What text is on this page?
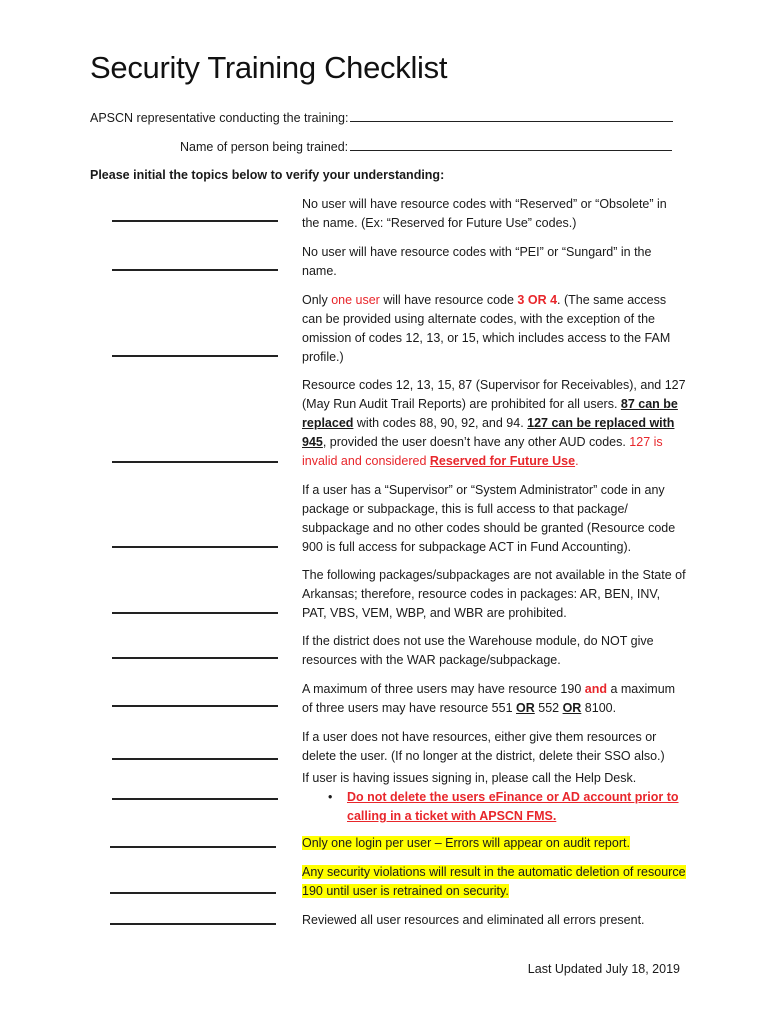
Security Training Checklist
APSCN representative conducting the training:
Name of person being trained:
Please initial the topics below to verify your understanding:
No user will have resource codes with “Reserved” or “Obsolete” in the name. (Ex: “Reserved for Future Use” codes.)
No user will have resource codes with “PEI” or “Sungard” in the name.
Only one user will have resource code 3 OR 4. (The same access can be provided using alternate codes, with the exception of the omission of codes 12, 13, or 15, which includes access to the FAM profile.)
Resource codes 12, 13, 15, 87 (Supervisor for Receivables), and 127 (May Run Audit Trail Reports) are prohibited for all users. 87 can be replaced with codes 88, 90, 92, and 94. 127 can be replaced with 945, provided the user doesn’t have any other AUD codes. 127 is invalid and considered Reserved for Future Use.
If a user has a “Supervisor” or “System Administrator” code in any package or subpackage, this is full access to that package/ subpackage and no other codes should be granted (Resource code 900 is full access for subpackage ACT in Fund Accounting).
The following packages/subpackages are not available in the State of Arkansas; therefore, resource codes in packages: AR, BEN, INV, PAT, VBS, VEM, WBP, and WBR are prohibited.
If the district does not use the Warehouse module, do NOT give resources with the WAR package/subpackage.
A maximum of three users may have resource 190 and a maximum of three users may have resource 551 OR 552 OR 8100.
If a user does not have resources, either give them resources or delete the user. (If no longer at the district, delete their SSO also.)
If user is having issues signing in, please call the Help Desk.
• Do not delete the users eFinance or AD account prior to calling in a ticket with APSCN FMS.
Only one login per user – Errors will appear on audit report.
Any security violations will result in the automatic deletion of resource 190 until user is retrained on security.
Reviewed all user resources and eliminated all errors present.
Last Updated July 18, 2019
